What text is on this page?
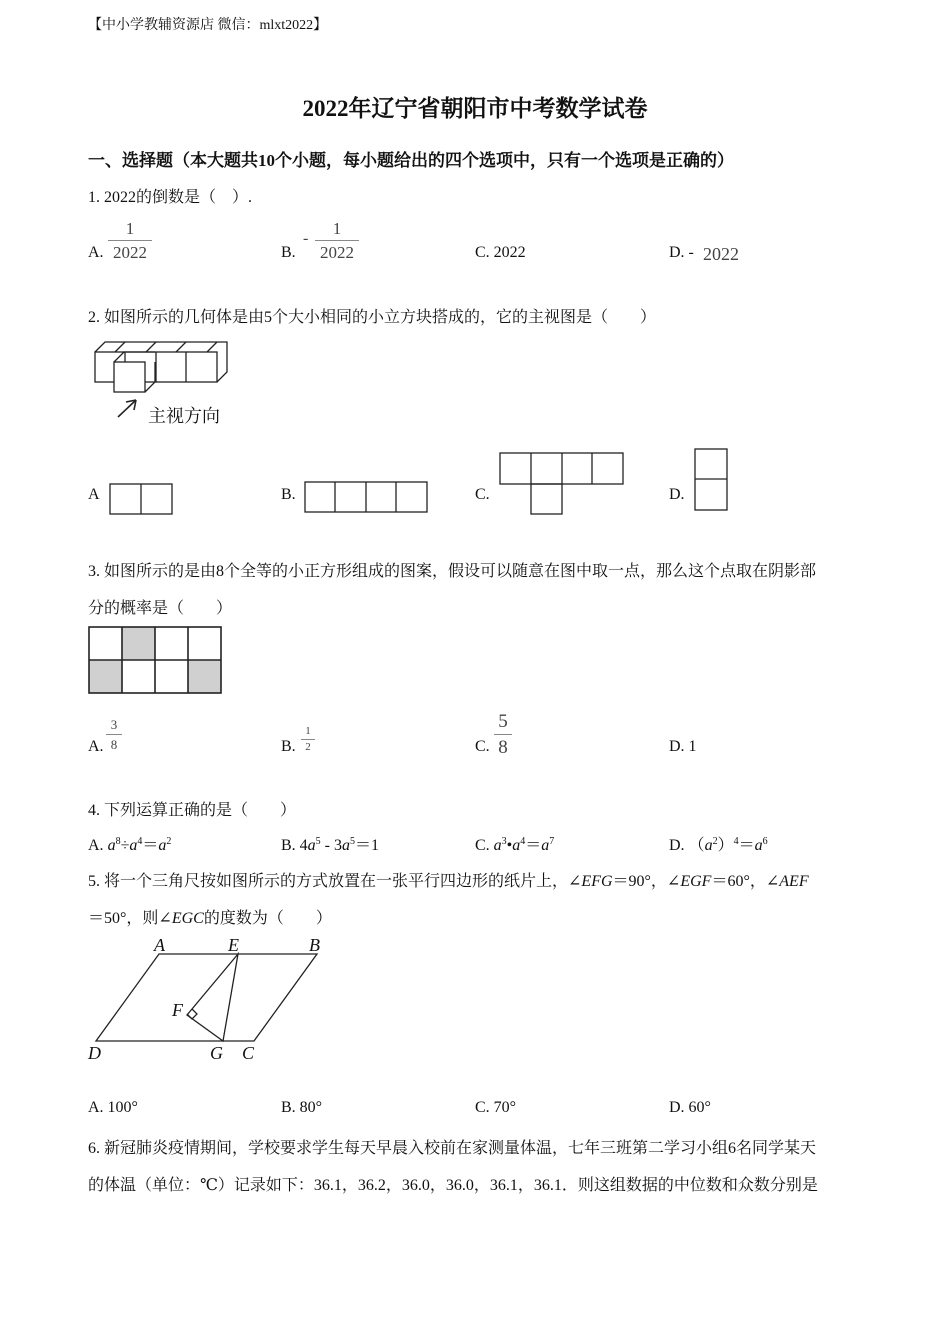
【中小学教辅资源店 微信：mlxt2022】
2022年辽宁省朝阳市中考数学试卷
一、选择题（本大题共10个小题，每小题给出的四个选项中，只有一个选项是正确的）
1. 2022的倒数是（　）.
A. $\frac{1}{2022}$	B.
- $\frac{1}{2022}$	C. 2022	D. - 2022
2. 如图所示的几何体是由5个大小相同的小立方块搭成的，它的主视图是（　　）
主视方向
A	B.	C.	D.
3. 如图所示的是由8个全等的小正方形组成的图案，假设可以随意在图中取一点，那么这个点取在阴影部
分的概率是（　　）
A. $\frac{3}{8}$	B. $\frac{1}{2}$	C. $\frac{5}{8}$	D. 1
4. 下列运算正确的是（　　）
A. $a^8\div a^4=a^2$	B. $4a^5 - 3a^5=1$	C. $a^3•a^4=a^7$	D. $(a^2)^4=a^6$
5. 将一个三角尺按如图所示的方式放置在一张平行四边形的纸片上，∠EFG＝90°，∠EGF＝60°，∠AEF
＝50°，则∠EGC的度数为（　　）
A	E	B
F
D	G C
A. 100°	B. 80°	C. 70°	D. 60°
6. 新冠肺炎疫情期间，学校要求学生每天早晨入校前在家测量体温，七年三班第二学习小组6名同学某天
的体温（单位：℃）记录如下：36.1，36.2，36.0，36.0，36.1，36.1．则这组数据的中位数和众数分别是
